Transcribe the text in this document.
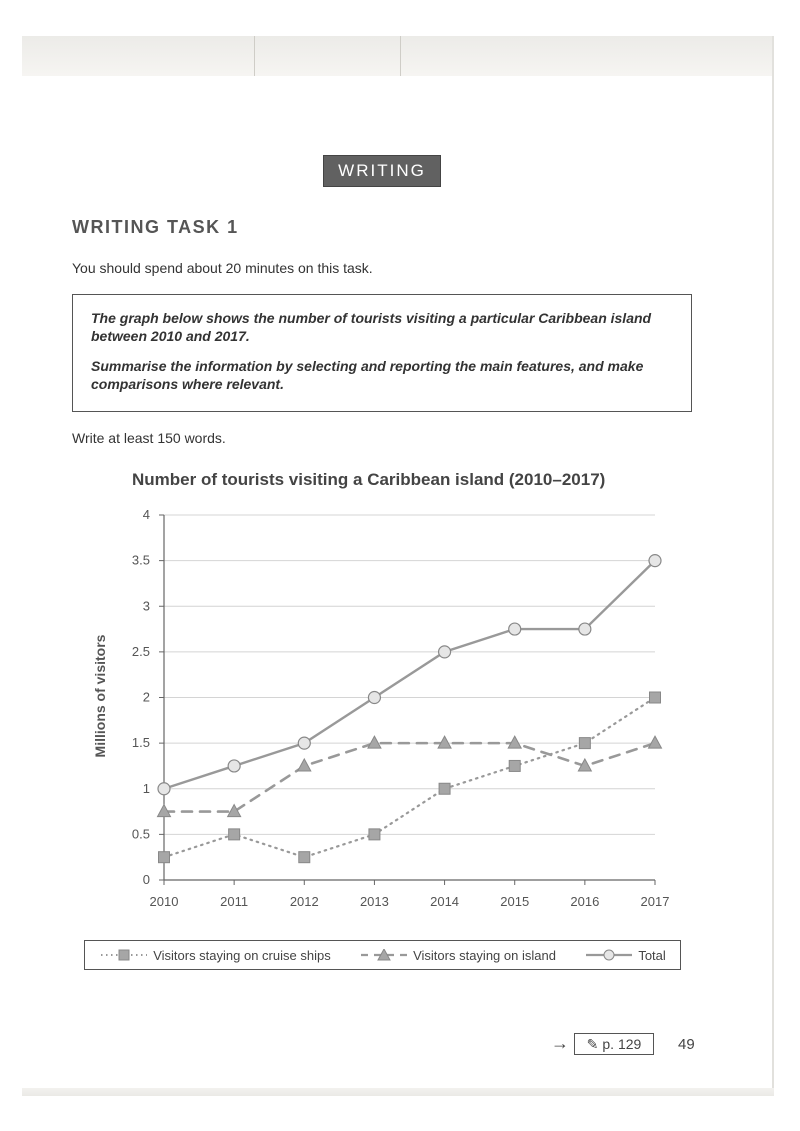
WRITING
WRITING TASK 1
You should spend about 20 minutes on this task.

The graph below shows the number of tourists visiting a particular Caribbean island between 2010 and 2017.

Summarise the information by selecting and reporting the main features, and make comparisons where relevant.

Write at least 150 words.
Number of tourists visiting a Caribbean island (2010–2017)
0
0.5
1
1.5
2
2.5
3
3.5
4
2010	2011	2012	2013	2014	2015	2016	2017
Millions of visitors
Visitors staying on cruise ships	Visitors staying on island	Total
→ ✎ p. 129 49
